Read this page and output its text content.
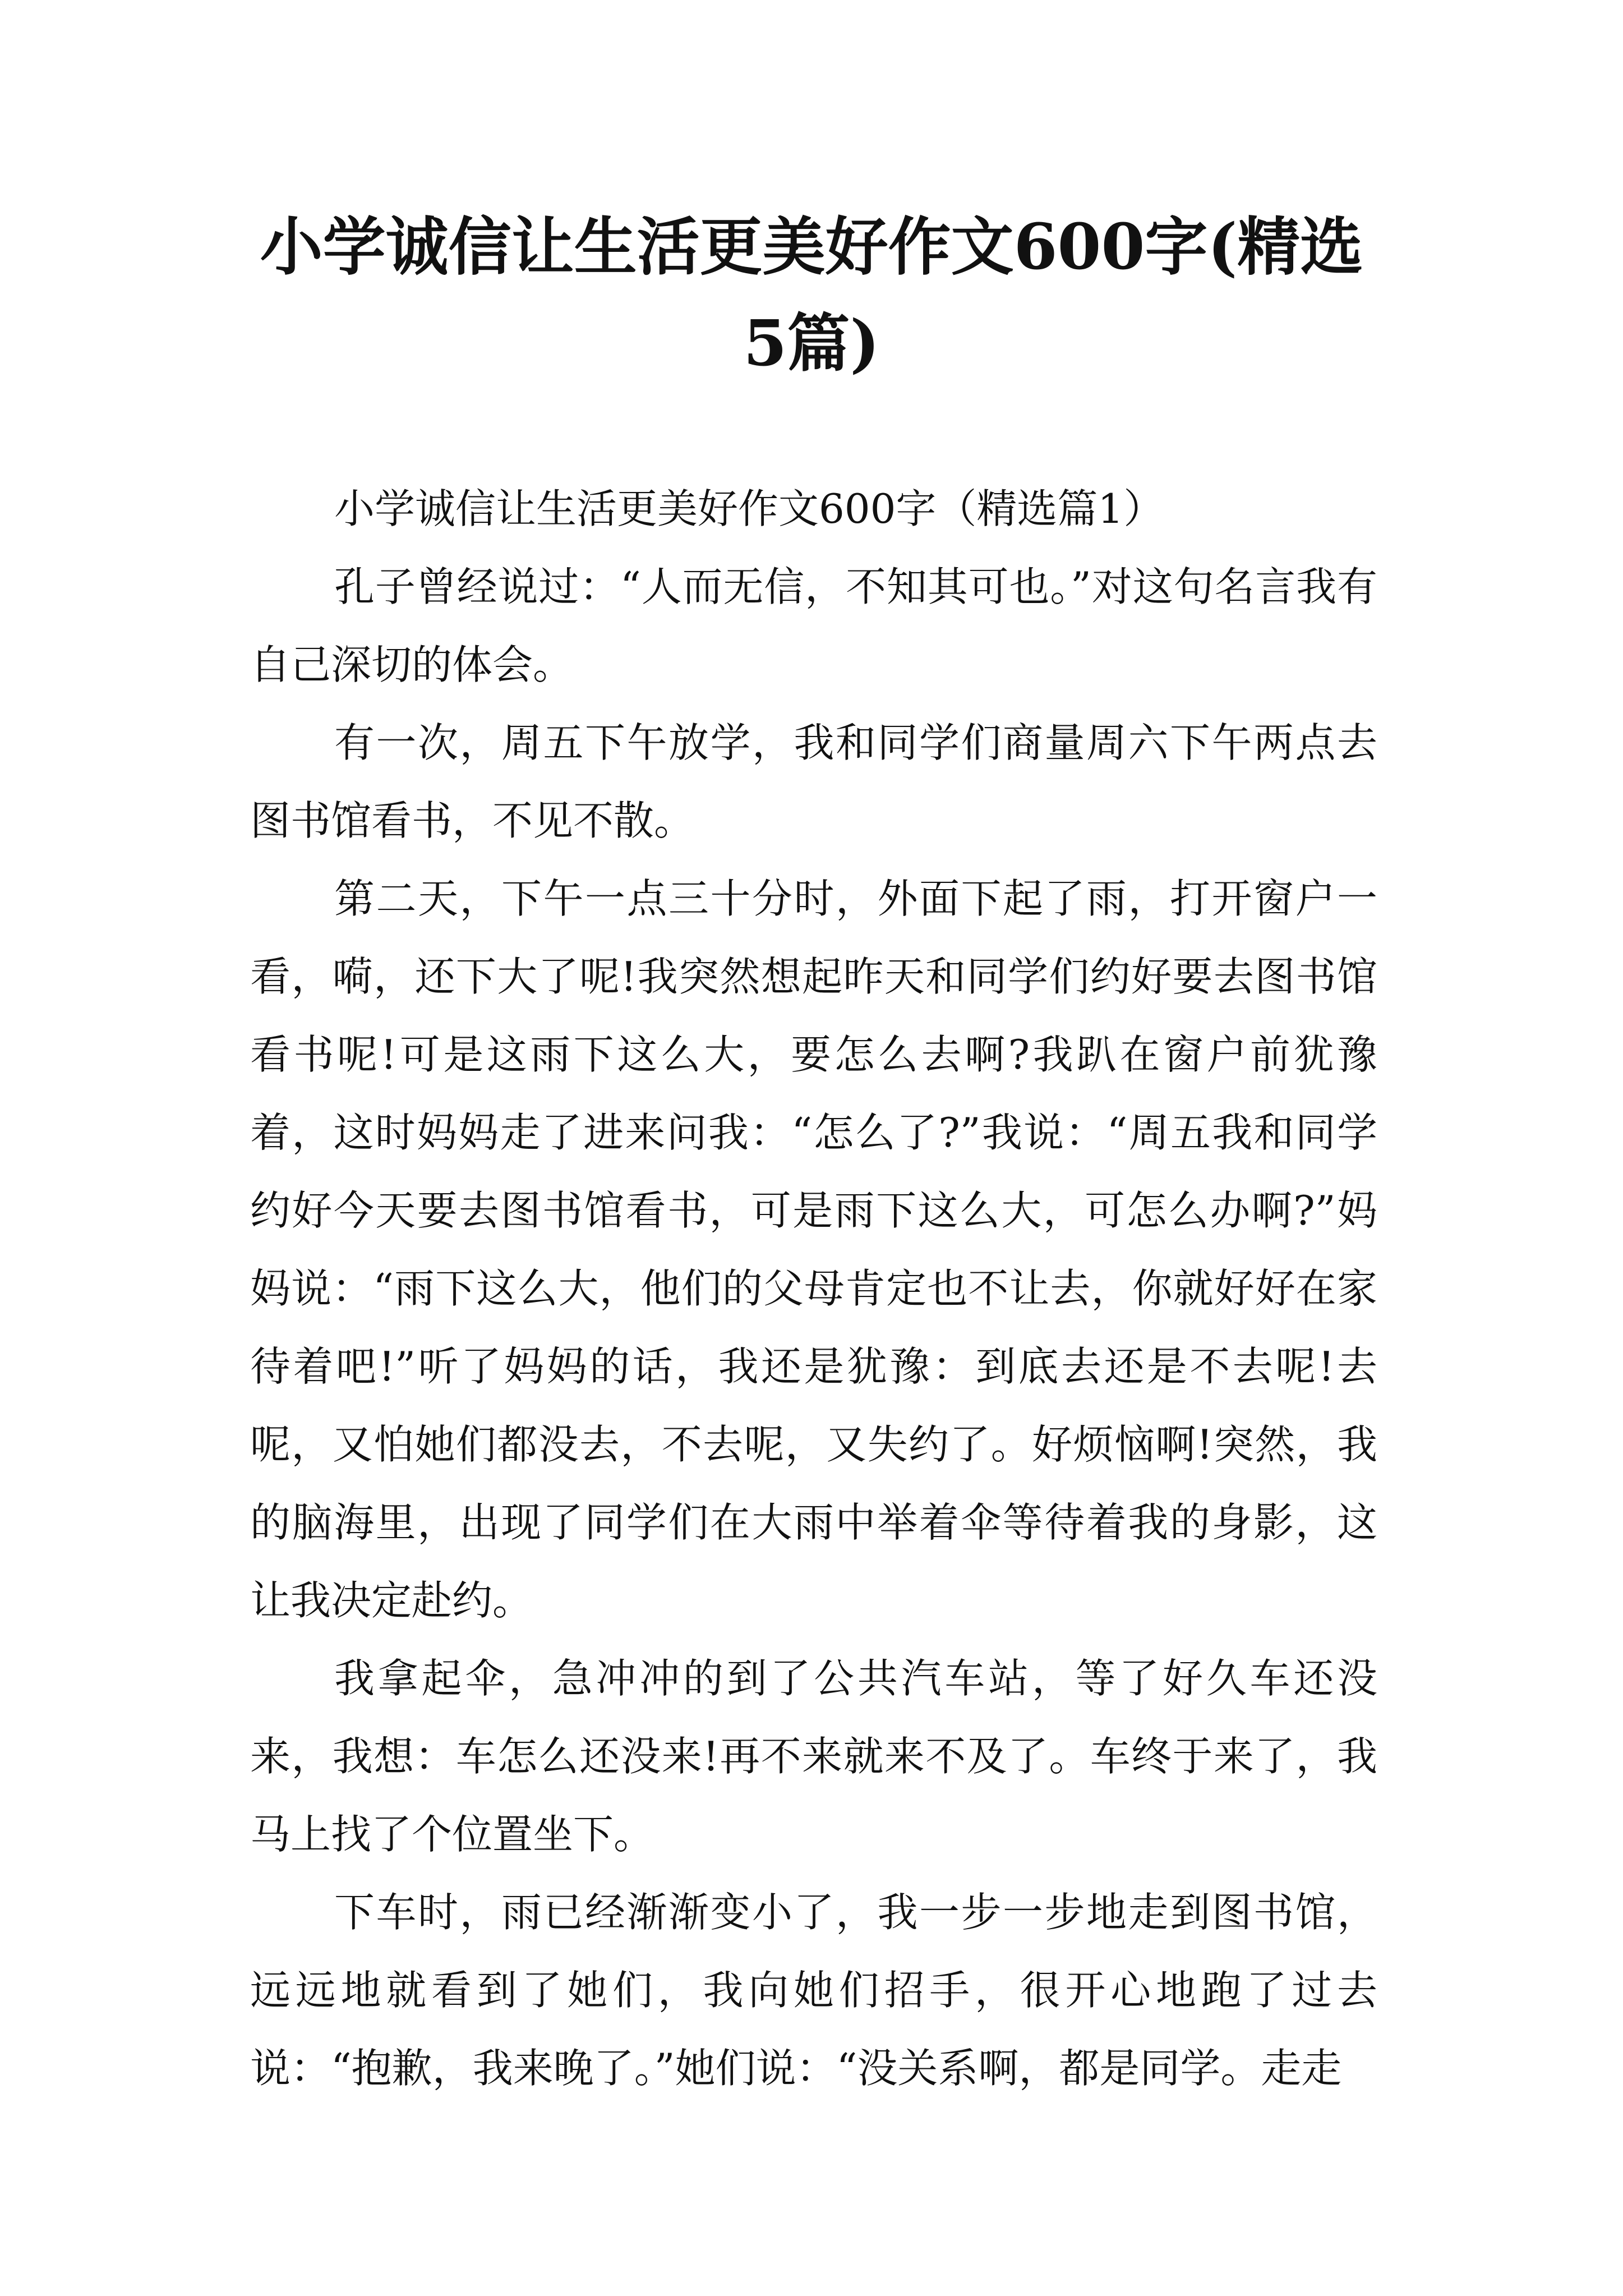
小学诚信让生活更美好作文600字(精选5篇)

小学诚信让生活更美好作文600字（精选篇1）

孔子曾经说过：“人而无信，不知其可也。”对这句名言我有自己深切的体会。

有一次，周五下午放学，我和同学们商量周六下午两点去图书馆看书，不见不散。

第二天，下午一点三十分时，外面下起了雨，打开窗户一看，嗬，还下大了呢!我突然想起昨天和同学们约好要去图书馆看书呢!可是这雨下这么大，要怎么去啊?我趴在窗户前犹豫着，这时妈妈走了进来问我：“怎么了?”我说：“周五我和同学约好今天要去图书馆看书，可是雨下这么大，可怎么办啊?”妈妈说：“雨下这么大，他们的父母肯定也不让去，你就好好在家待着吧!”听了妈妈的话，我还是犹豫：到底去还是不去呢!去呢，又怕她们都没去，不去呢，又失约了。好烦恼啊!突然，我的脑海里，出现了同学们在大雨中举着伞等待着我的身影，这让我决定赴约。

我拿起伞，急冲冲的到了公共汽车站，等了好久车还没来，我想：车怎么还没来!再不来就来不及了。车终于来了，我马上找了个位置坐下。

下车时，雨已经渐渐变小了，我一步一步地走到图书馆，远远地就看到了她们，我向她们招手，很开心地跑了过去说：“抱歉，我来晚了。”她们说：“没关系啊，都是同学。走走
